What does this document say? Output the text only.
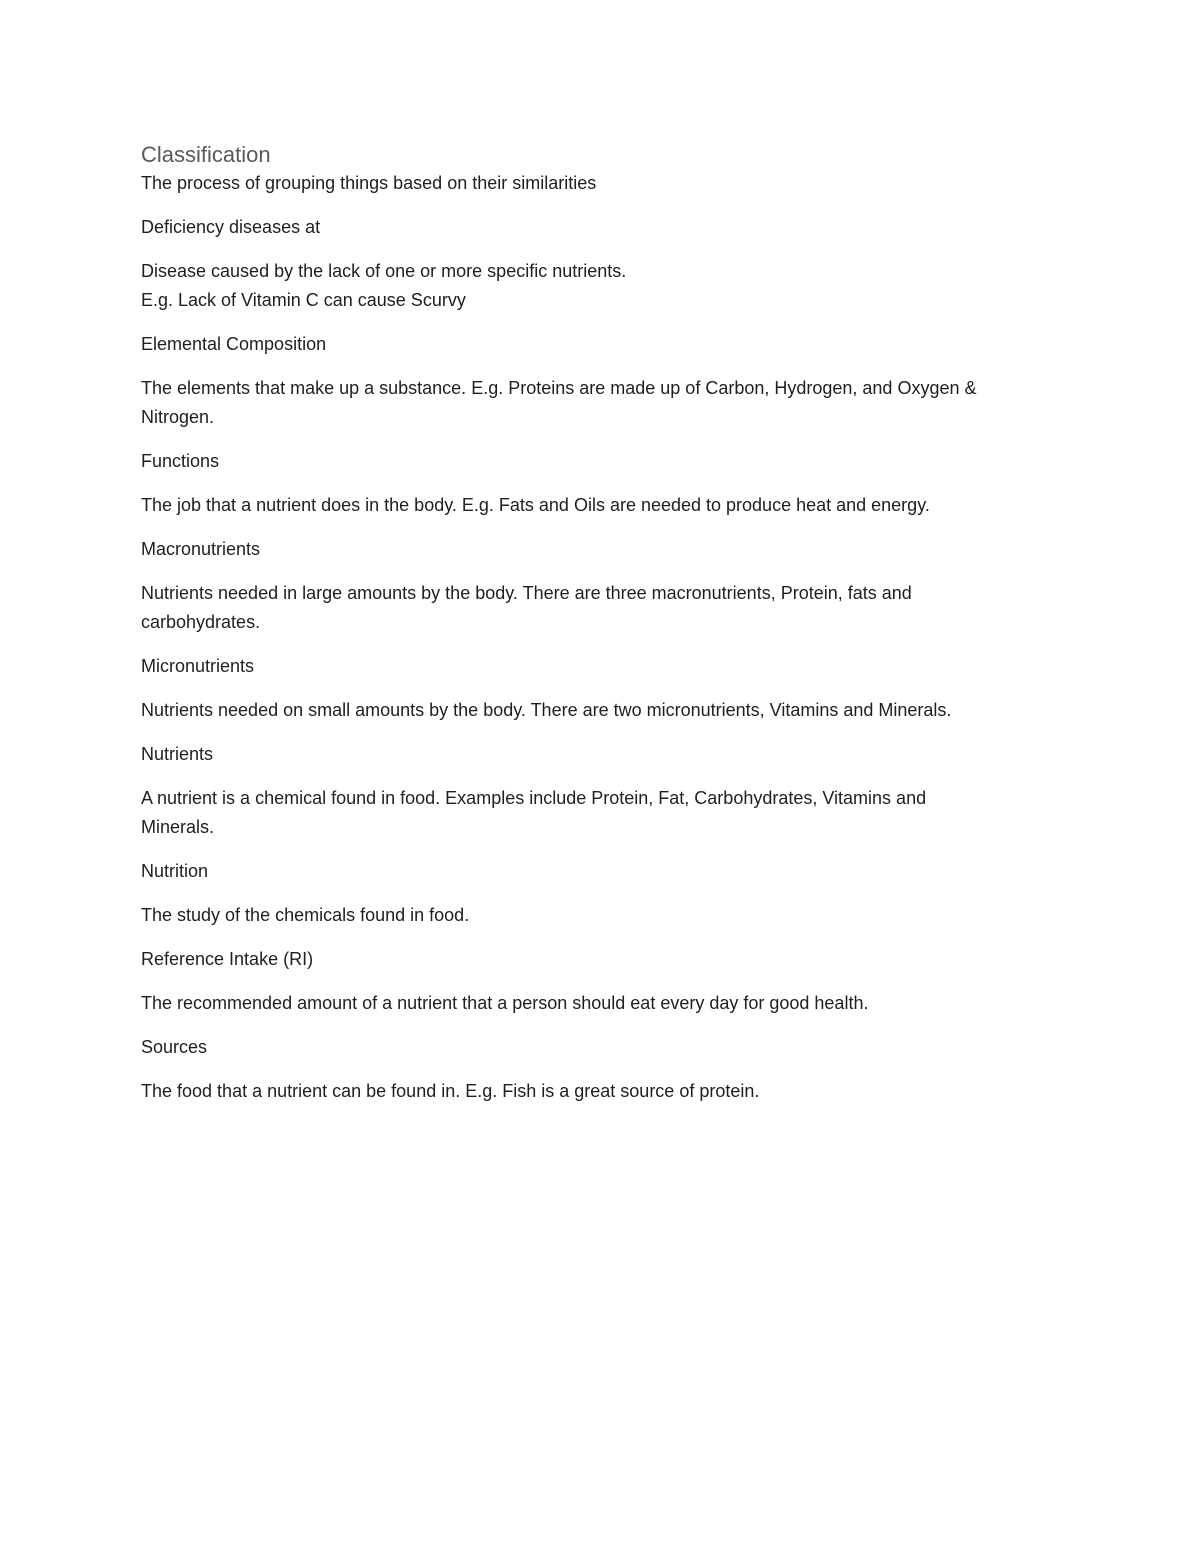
Classification

The process of grouping things based on their similarities

Deficiency diseases at

Disease caused by the lack of one or more specific nutrients.
E.g. Lack of Vitamin C can cause Scurvy

Elemental Composition

The elements that make up a substance. E.g. Proteins are made up of Carbon, Hydrogen, and Oxygen &
Nitrogen.

Functions

The job that a nutrient does in the body. E.g. Fats and Oils are needed to produce heat and energy.

Macronutrients

Nutrients needed in large amounts by the body. There are three macronutrients, Protein, fats and
carbohydrates.

Micronutrients

Nutrients needed on small amounts by the body. There are two micronutrients, Vitamins and Minerals.

Nutrients

A nutrient is a chemical found in food. Examples include Protein, Fat, Carbohydrates, Vitamins and
Minerals.

Nutrition

The study of the chemicals found in food.

Reference Intake (RI)

The recommended amount of a nutrient that a person should eat every day for good health.

Sources

The food that a nutrient can be found in. E.g. Fish is a great source of protein.
